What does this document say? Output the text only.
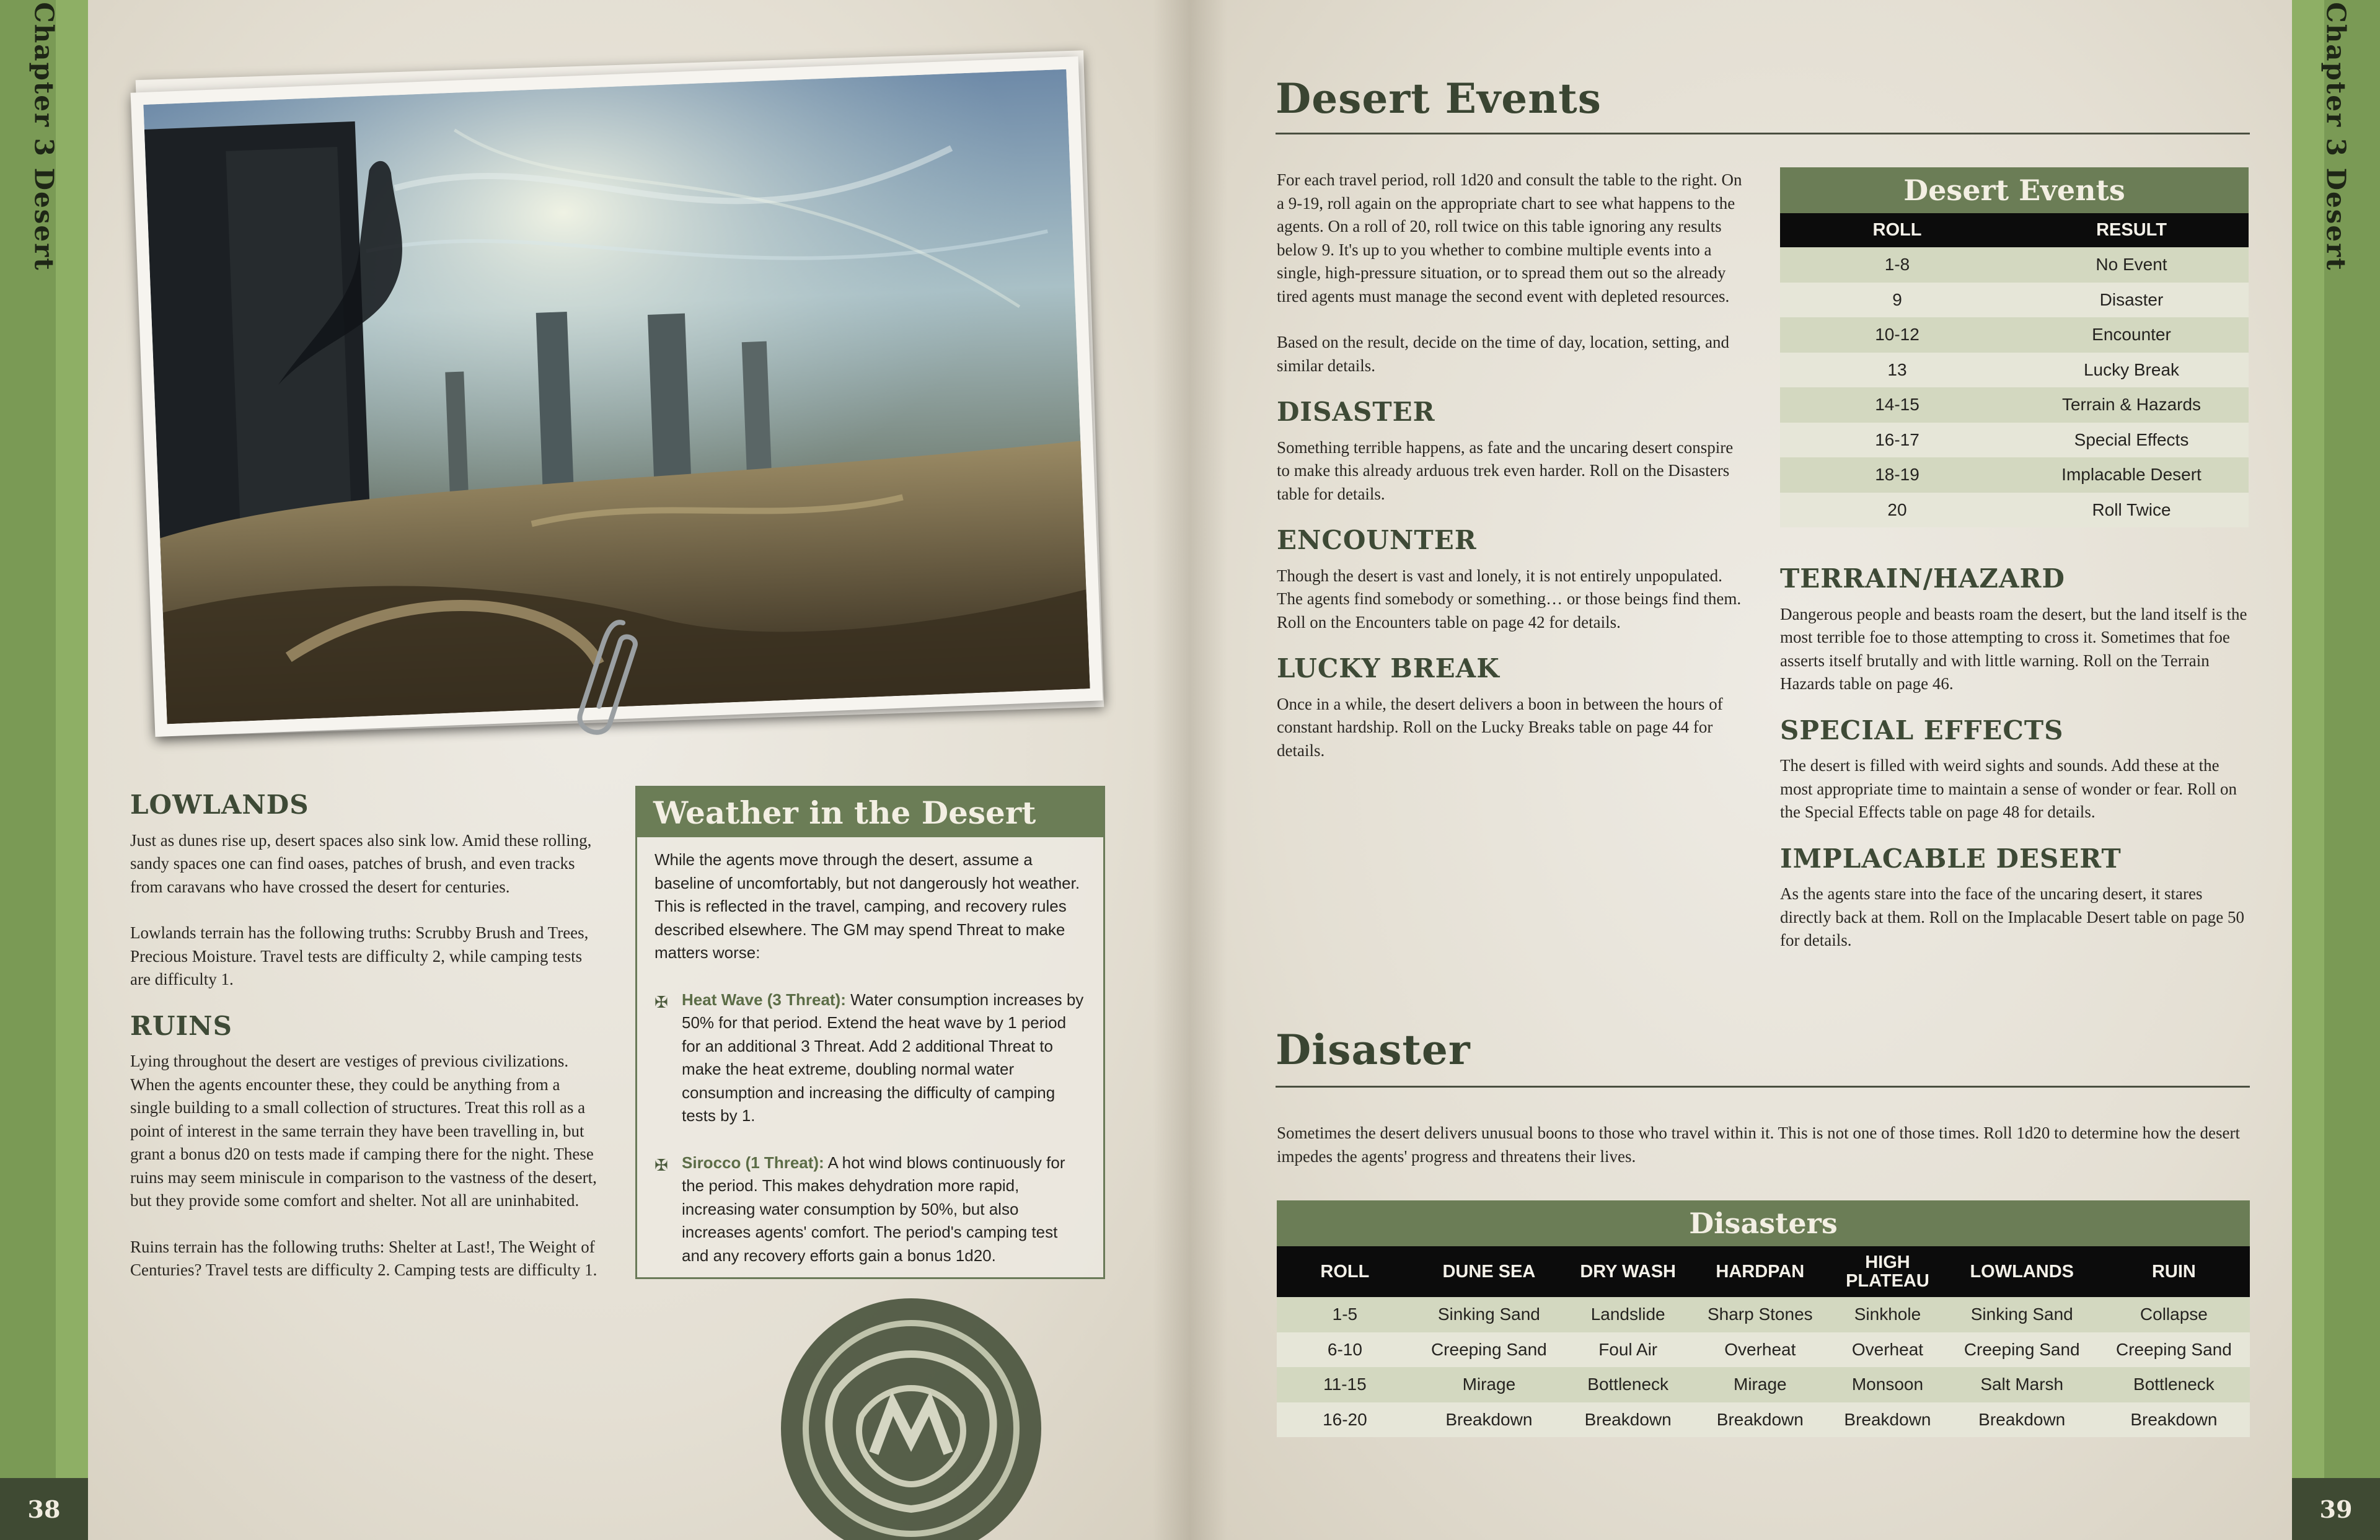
Chapter 3 Desert
38
Chapter 3 Desert
39
LOWLANDS

Just as dunes rise up, desert spaces also sink low. Amid these rolling, sandy spaces one can find oases, patches of brush, and even tracks from caravans who have crossed the desert for centuries.

Lowlands terrain has the following truths: Scrubby Brush and Trees, Precious Moisture. Travel tests are difficulty 2, while camping tests are difficulty 1.

RUINS

Lying throughout the desert are vestiges of previous civilizations. When the agents encounter these, they could be anything from a single building to a small collection of structures. Treat this roll as a point of interest in the same terrain they have been travelling in, but grant a bonus d20 on tests made if camping there for the night. These ruins may seem miniscule in comparison to the vastness of the desert, but they provide some comfort and shelter. Not all are uninhabited.

Ruins terrain has the following truths: Shelter at Last!, The Weight of Centuries? Travel tests are difficulty 2. Camping tests are difficulty 1.

Weather in the Desert

While the agents move through the desert, assume a baseline of uncomfortably, but not dangerously hot weather. This is reflected in the travel, camping, and recovery rules described elsewhere. The GM may spend Threat to make matters worse:

✠ Heat Wave (3 Threat): Water consumption increases by 50% for that period. Extend the heat wave by 1 period for an additional 3 Threat. Add 2 additional Threat to make the heat extreme, doubling normal water consumption and increasing the difficulty of camping tests by 1.
✠ Sirocco (1 Threat): A hot wind blows continuously for the period. This makes dehydration more rapid, increasing water consumption by 50%, but also increases agents' comfort. The period's camping test and any recovery efforts gain a bonus 1d20.
Desert Events

For each travel period, roll 1d20 and consult the table to the right. On a 9-19, roll again on the appropriate chart to see what happens to the agents. On a roll of 20, roll twice on this table ignoring any results below 9. It's up to you whether to combine multiple events into a single, high-pressure situation, or to spread them out so the already tired agents must manage the second event with depleted resources.

Based on the result, decide on the time of day, location, setting, and similar details.

DISASTER

Something terrible happens, as fate and the uncaring desert conspire to make this already arduous trek even harder. Roll on the Disasters table for details.

ENCOUNTER

Though the desert is vast and lonely, it is not entirely unpopulated. The agents find somebody or something… or those beings find them. Roll on the Encounters table on page 42 for details.

LUCKY BREAK

Once in a while, the desert delivers a boon in between the hours of constant hardship. Roll on the Lucky Breaks table on page 44 for details.

Desert Events	
ROLL	RESULT
1-8	No Event
9	Disaster
10-12	Encounter
13	Lucky Break
14-15	Terrain & Hazards
16-17	Special Effects
18-19	Implacable Desert
20	Roll Twice
TERRAIN/HAZARD

Dangerous people and beasts roam the desert, but the land itself is the most terrible foe to those attempting to cross it. Sometimes that foe asserts itself brutally and with little warning. Roll on the Terrain Hazards table on page 46.

SPECIAL EFFECTS

The desert is filled with weird sights and sounds. Add these at the most appropriate time to maintain a sense of wonder or fear. Roll on the Special Effects table on page 48 for details.

IMPLACABLE DESERT

As the agents stare into the face of the uncaring desert, it stares directly back at them. Roll on the Implacable Desert table on page 50 for details.

Disaster
Sometimes the desert delivers unusual boons to those who travel within it. This is not one of those times. Roll 1d20 to determine how the desert impedes the agents' progress and threatens their lives.
Disasters						
ROLL	DUNE SEA	DRY WASH	HARDPAN	HIGH PLATEAU	LOWLANDS	RUIN
1-5	Sinking Sand	Landslide	Sharp Stones	Sinkhole	Sinking Sand	Collapse
6-10	Creeping Sand	Foul Air	Overheat	Overheat	Creeping Sand	Creeping Sand
11-15	Mirage	Bottleneck	Mirage	Monsoon	Salt Marsh	Bottleneck
16-20	Breakdown	Breakdown	Breakdown	Breakdown	Breakdown	Breakdown
